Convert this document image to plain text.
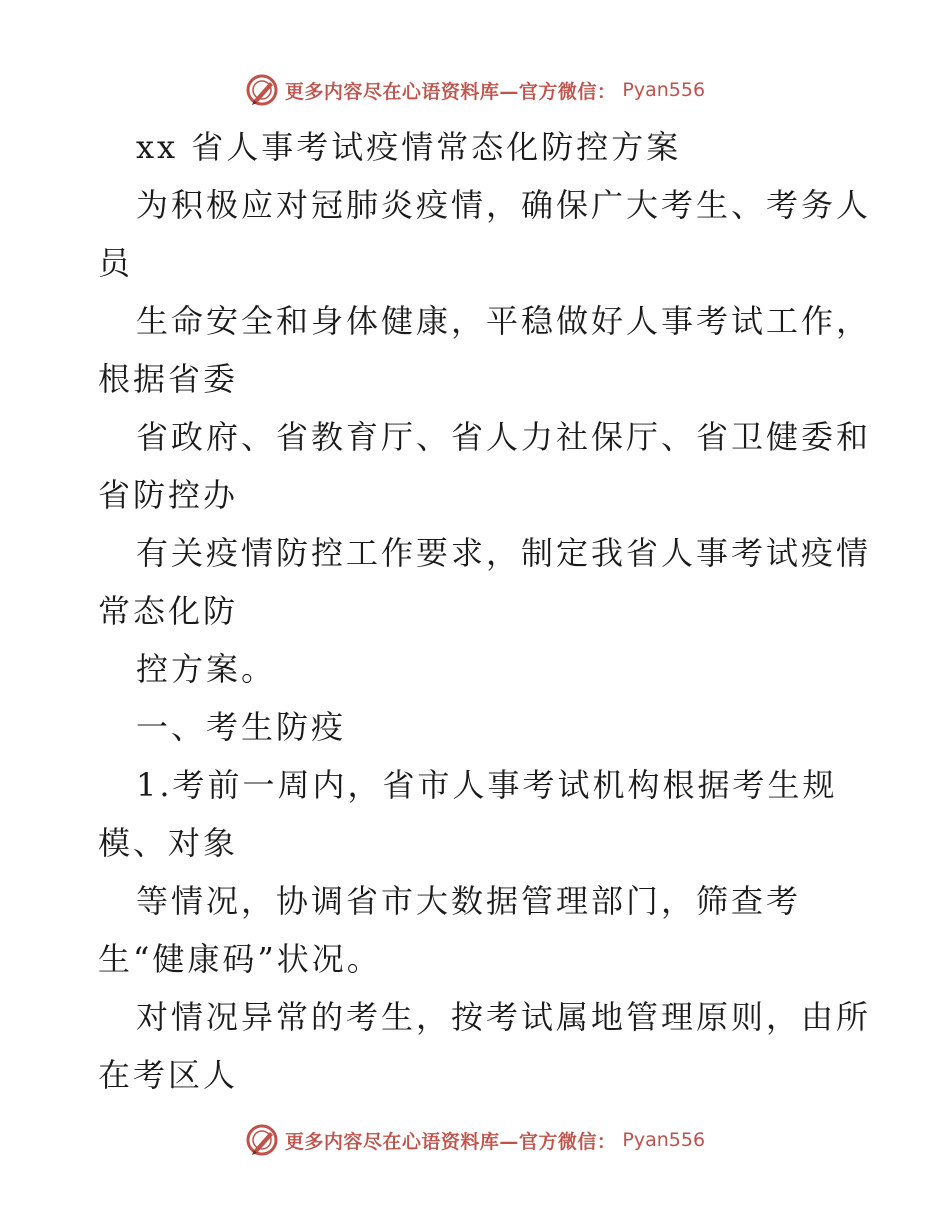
更多内容尽在心语资料库—官方微信： Pyan556
xx 省人事考试疫情常态化防控方案
为积极应对冠肺炎疫情，确保广大考生、考务人
员
生命安全和身体健康，平稳做好人事考试工作，
根据省委
省政府、省教育厅、省人力社保厅、省卫健委和
省防控办
有关疫情防控工作要求，制定我省人事考试疫情
常态化防
控方案。
一、考生防疫
1.考前一周内，省市人事考试机构根据考生规
模、对象
等情况，协调省市大数据管理部门，筛查考
生“健康码”状况。
对情况异常的考生，按考试属地管理原则，由所
在考区人
更多内容尽在心语资料库—官方微信： Pyan556
